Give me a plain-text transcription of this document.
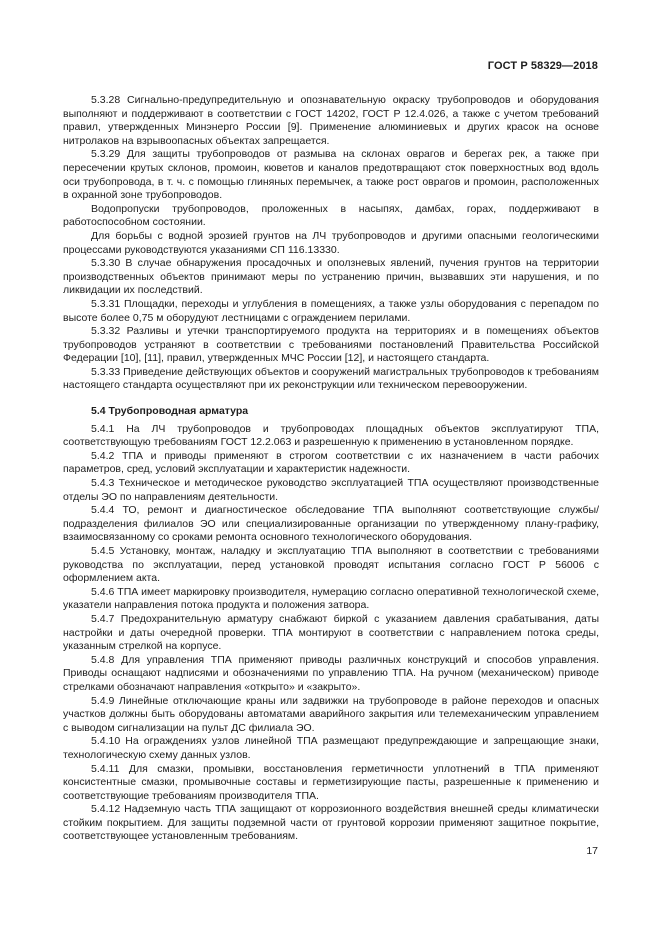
ГОСТ Р 58329—2018

5.3.28 Сигнально-предупредительную и опознавательную окраску трубопроводов и оборудования выполняют и поддерживают в соответствии с ГОСТ 14202, ГОСТ Р 12.4.026, а также с учетом требований правил, утвержденных Минэнерго России [9]. Применение алюминиевых и других красок на основе нитролаков на взрывоопасных объектах запрещается.

5.3.29 Для защиты трубопроводов от размыва на склонах оврагов и берегах рек, а также при пересечении крутых склонов, промоин, кюветов и каналов предотвращают сток поверхностных вод вдоль оси трубопровода, в т. ч. с помощью глиняных перемычек, а также рост оврагов и промоин, расположенных в охранной зоне трубопроводов.

Водопропуски трубопроводов, проложенных в насыпях, дамбах, горах, поддерживают в работоспособном состоянии.

Для борьбы с водной эрозией грунтов на ЛЧ трубопроводов и другими опасными геологическими процессами руководствуются указаниями СП 116.13330.

5.3.30 В случае обнаружения просадочных и оползневых явлений, пучения грунтов на территории производственных объектов принимают меры по устранению причин, вызвавших эти нарушения, и по ликвидации их последствий.

5.3.31 Площадки, переходы и углубления в помещениях, а также узлы оборудования с перепадом по высоте более 0,75 м оборудуют лестницами с ограждением перилами.

5.3.32 Разливы и утечки транспортируемого продукта на территориях и в помещениях объектов трубопроводов устраняют в соответствии с требованиями постановлений Правительства Российской Федерации [10], [11], правил, утвержденных МЧС России [12], и настоящего стандарта.

5.3.33 Приведение действующих объектов и сооружений магистральных трубопроводов к требованиям настоящего стандарта осуществляют при их реконструкции или техническом перевооружении.

5.4 Трубопроводная арматура

5.4.1 На ЛЧ трубопроводов и трубопроводах площадных объектов эксплуатируют ТПА, соответствующую требованиям ГОСТ 12.2.063 и разрешенную к применению в установленном порядке.

5.4.2 ТПА и приводы применяют в строгом соответствии с их назначением в части рабочих параметров, сред, условий эксплуатации и характеристик надежности.

5.4.3 Техническое и методическое руководство эксплуатацией ТПА осуществляют производственные отделы ЭО по направлениям деятельности.

5.4.4 ТО, ремонт и диагностическое обследование ТПА выполняют соответствующие службы/подразделения филиалов ЭО или специализированные организации по утвержденному плану-графику, взаимосвязанному со сроками ремонта основного технологического оборудования.

5.4.5 Установку, монтаж, наладку и эксплуатацию ТПА выполняют в соответствии с требованиями руководства по эксплуатации, перед установкой проводят испытания согласно ГОСТ Р 56006 с оформлением акта.

5.4.6 ТПА имеет маркировку производителя, нумерацию согласно оперативной технологической схеме, указатели направления потока продукта и положения затвора.

5.4.7 Предохранительную арматуру снабжают биркой с указанием давления срабатывания, даты настройки и даты очередной проверки. ТПА монтируют в соответствии с направлением потока среды, указанным стрелкой на корпусе.

5.4.8 Для управления ТПА применяют приводы различных конструкций и способов управления. Приводы оснащают надписями и обозначениями по управлению ТПА. На ручном (механическом) приводе стрелками обозначают направления «открыто» и «закрыто».

5.4.9 Линейные отключающие краны или задвижки на трубопроводе в районе переходов и опасных участков должны быть оборудованы автоматами аварийного закрытия или телемеханическим управлением с выводом сигнализации на пульт ДС филиала ЭО.

5.4.10 На ограждениях узлов линейной ТПА размещают предупреждающие и запрещающие знаки, технологическую схему данных узлов.

5.4.11 Для смазки, промывки, восстановления герметичности уплотнений в ТПА применяют консистентные смазки, промывочные составы и герметизирующие пасты, разрешенные к применению и соответствующие требованиям производителя ТПА.

5.4.12 Надземную часть ТПА защищают от коррозионного воздействия внешней среды климатически стойким покрытием. Для защиты подземной части от грунтовой коррозии применяют защитное покрытие, соответствующее установленным требованиям.

17
